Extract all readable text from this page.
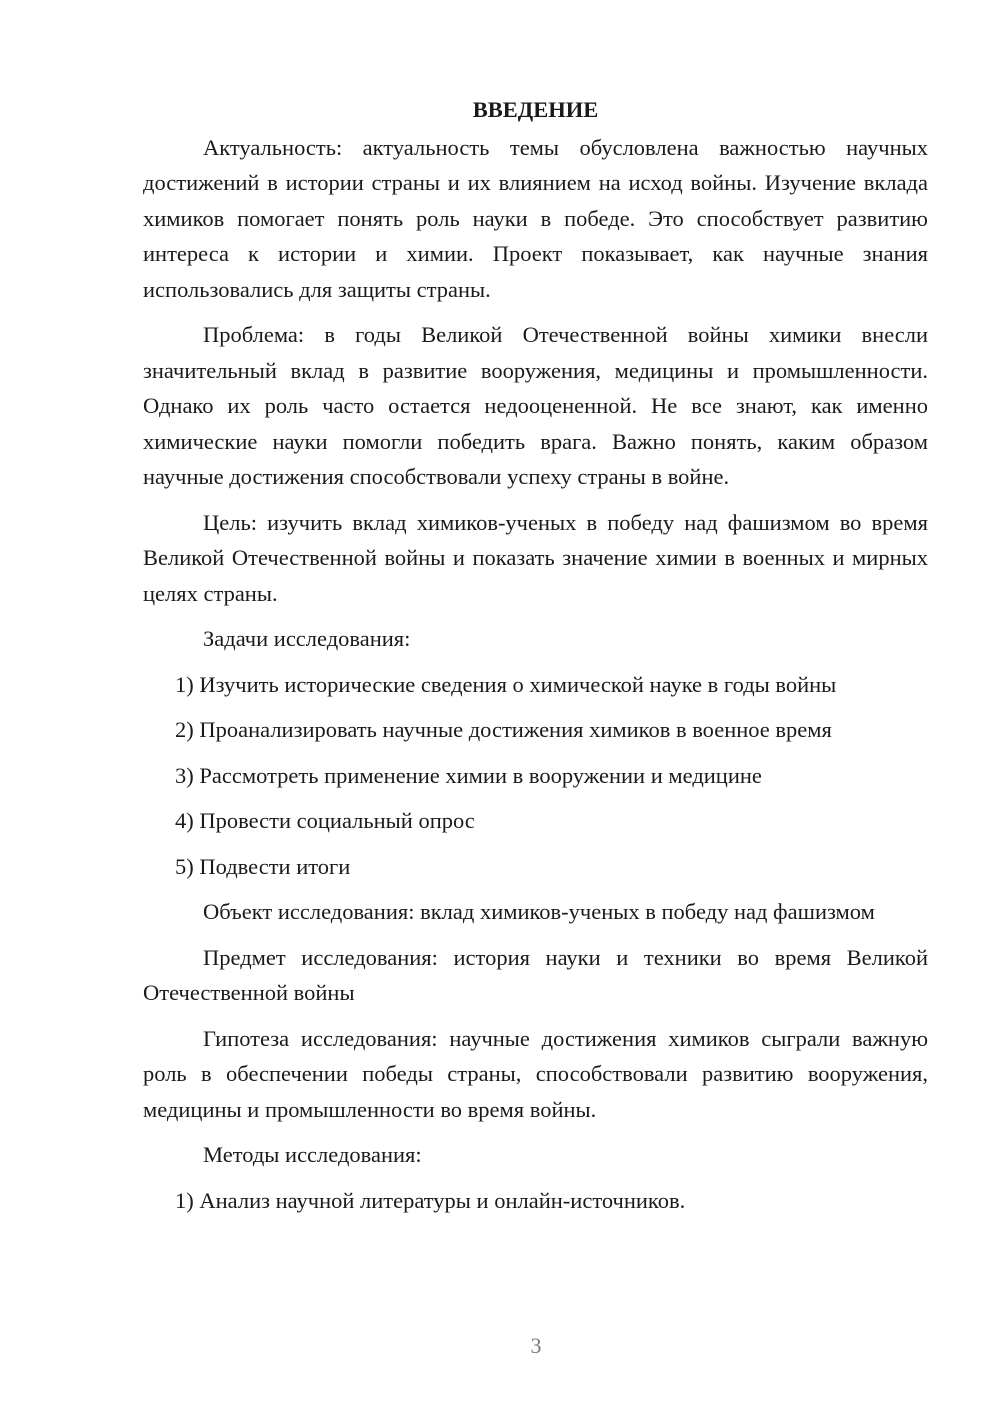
ВВЕДЕНИЕ

Актуальность: актуальность темы обусловлена важностью научных достижений в истории страны и их влиянием на исход войны. Изучение вклада химиков помогает понять роль науки в победе. Это способствует развитию интереса к истории и химии. Проект показывает, как научные знания использовались для защиты страны.

Проблема: в годы Великой Отечественной войны химики внесли значительный вклад в развитие вооружения, медицины и промышленности. Однако их роль часто остается недооцененной. Не все знают, как именно химические науки помогли победить врага. Важно понять, каким образом научные достижения способствовали успеху страны в войне.

Цель: изучить вклад химиков-ученых в победу над фашизмом во время Великой Отечественной войны и показать значение химии в военных и мирных целях страны.

Задачи исследования:

1) Изучить исторические сведения о химической науке в годы войны
2) Проанализировать научные достижения химиков в военное время
3) Рассмотреть применение химии в вооружении и медицине
4) Провести социальный опрос
5) Подвести итоги

Объект исследования: вклад химиков-ученых в победу над фашизмом

Предмет исследования: история науки и техники во время Великой Отечественной войны

Гипотеза исследования: научные достижения химиков сыграли важную роль в обеспечении победы страны, способствовали развитию вооружения, медицины и промышленности во время войны.

Методы исследования:

1) Анализ научной литературы и онлайн-источников.
3
